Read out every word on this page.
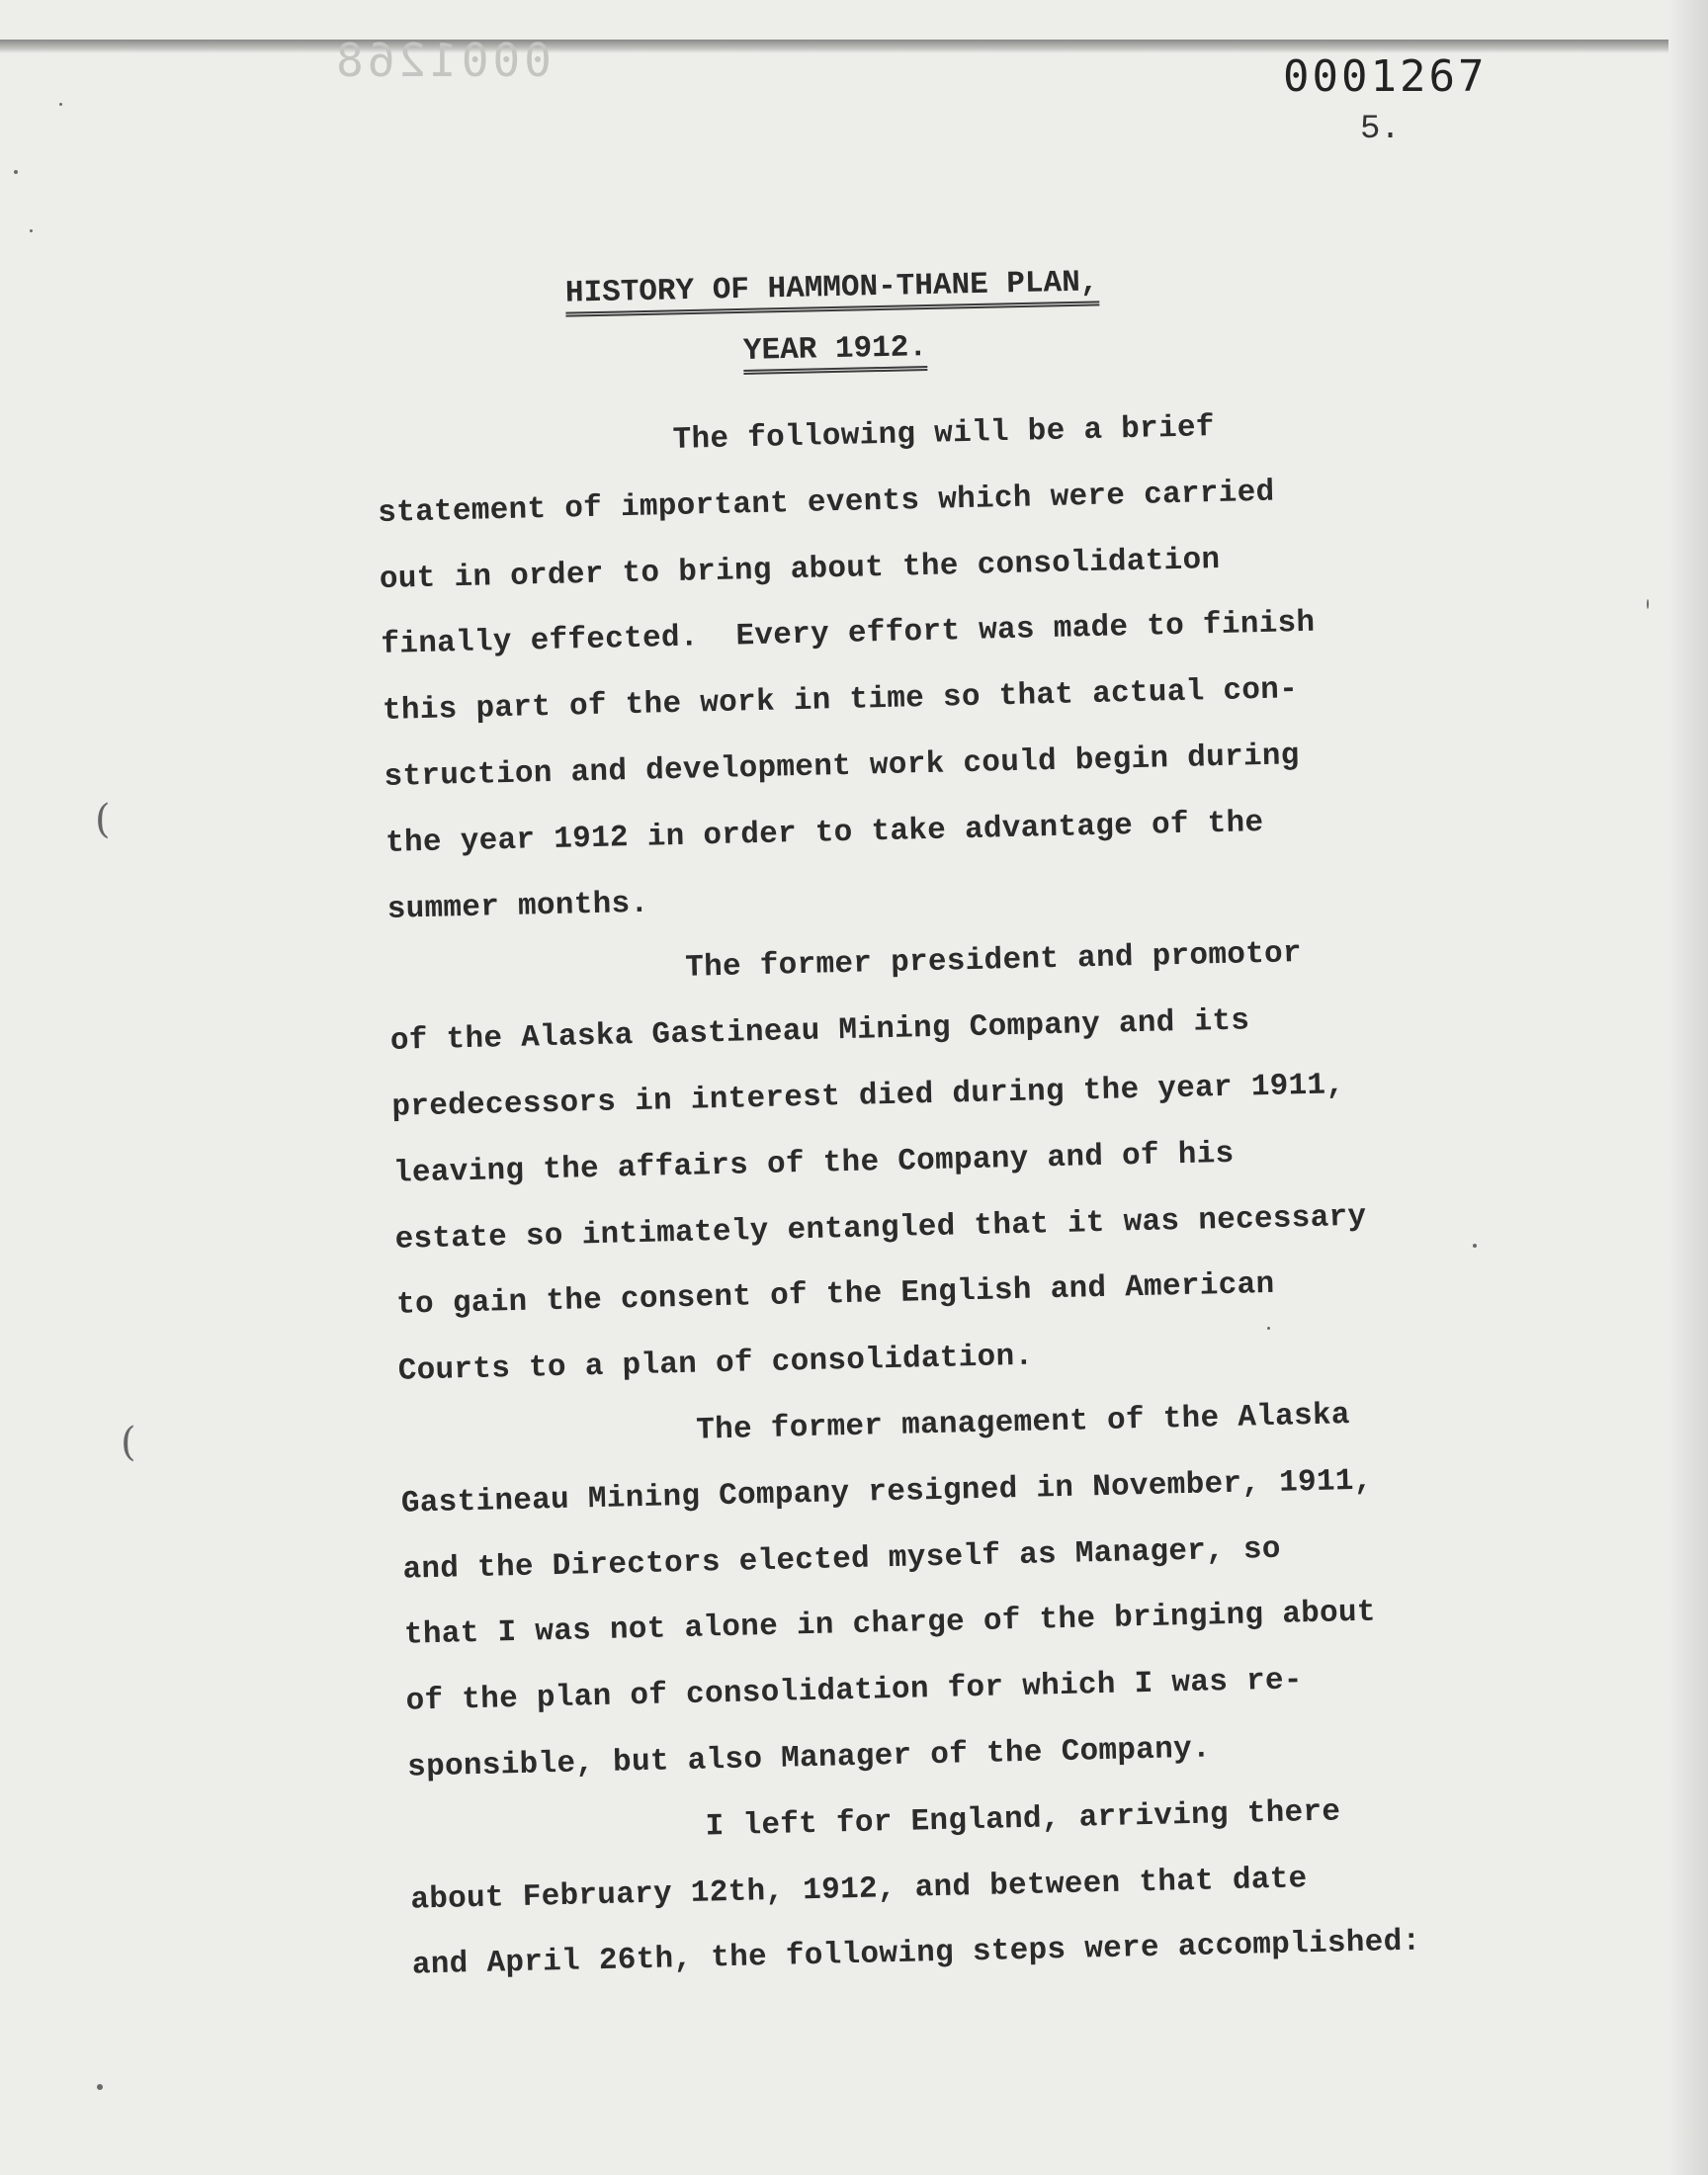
0001268	0001267
5.
HISTORY OF HAMMON-THANE PLAN,
YEAR 1912.
The following will be a brief
statement of important events which were carried
out in order to bring about the consolidation
finally effected.  Every effort was made to finish
this part of the work in time so that actual con-
struction and development work could begin during
the year 1912 in order to take advantage of the
summer months.
The former president and promotor
of the Alaska Gastineau Mining Company and its
predecessors in interest died during the year 1911,
leaving the affairs of the Company and of his
estate so intimately entangled that it was necessary
to gain the consent of the English and American
Courts to a plan of consolidation.
The former management of the Alaska
Gastineau Mining Company resigned in November, 1911,
and the Directors elected myself as Manager, so
that I was not alone in charge of the bringing about
of the plan of consolidation for which I was re-
sponsible, but also Manager of the Company.
I left for England, arriving there
about February 12th, 1912, and between that date
and April 26th, the following steps were accomplished:
(
(
